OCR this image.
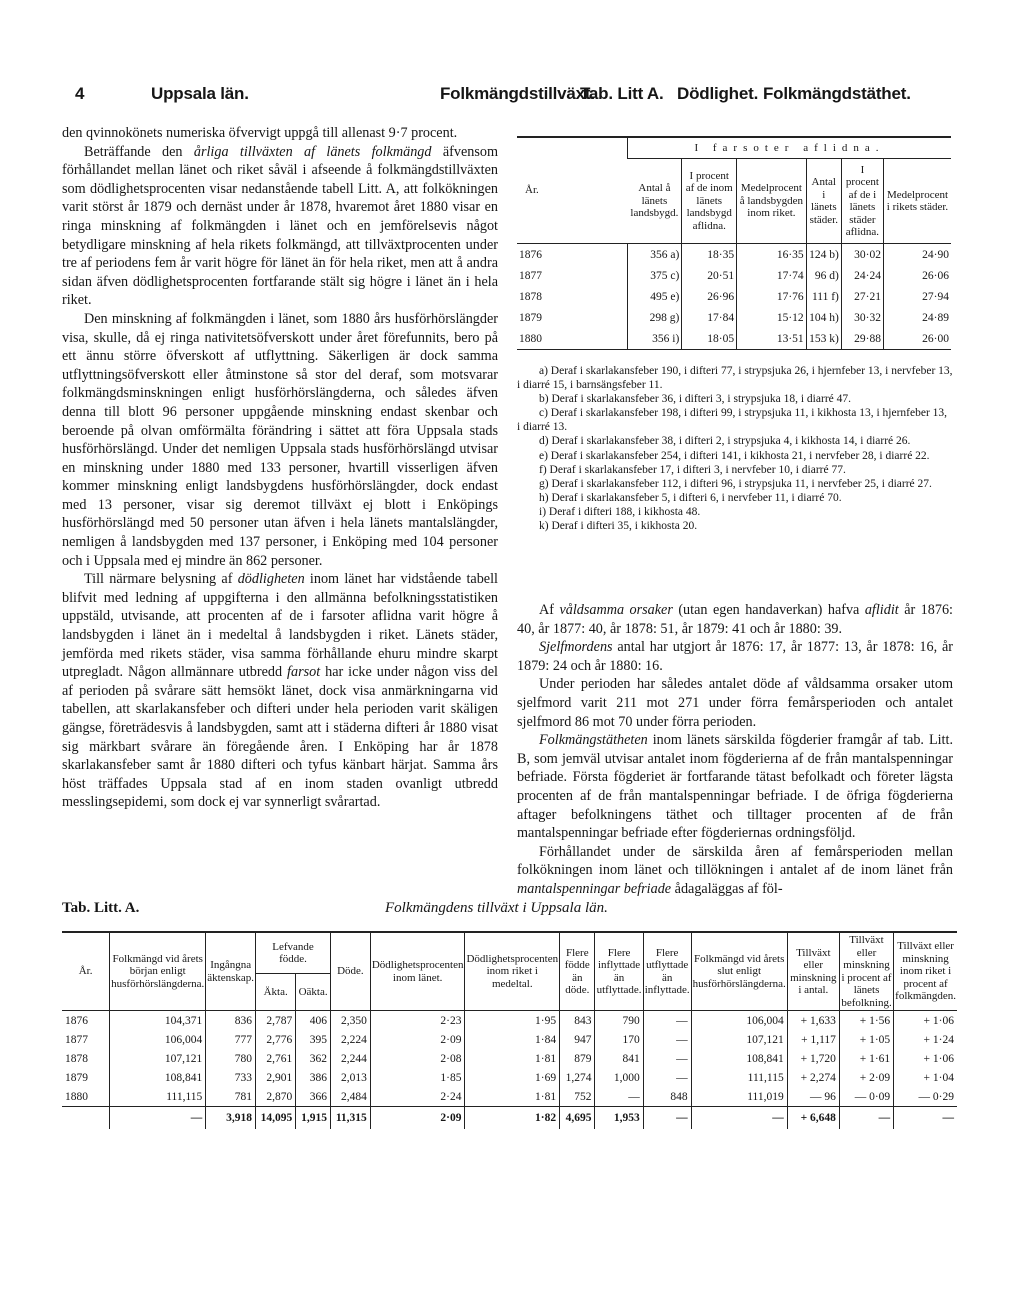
4	Uppsala län.	Folkmängdstillväxt.
Tab. Litt A. Dödlighet. Folkmängdstäthet.

den qvinnokönets numeriska öfvervigt uppgå till allenast 9·7 procent.

Beträffande den årliga tillväxten af länets folkmängd äfvensom förhållandet mellan länet och riket såväl i afseende å folkmängdstillväxten som dödlighetsprocenten visar nedanstående tabell Litt. A, att folkökningen varit störst år 1879 och dernäst under år 1878, hvaremot året 1880 visar en ringa minskning af folkmängden i länet och en jemförelsevis något betydligare minskning af hela rikets folkmängd, att tillväxtprocenten under tre af periodens fem år varit högre för länet än för hela riket, men att å andra sidan äfven dödlighetsprocenten fortfarande stält sig högre i länet än i hela riket.

Den minskning af folkmängden i länet, som 1880 års husförhörslängder visa, skulle, då ej ringa nativitetsöfverskott under året förefunnits, bero på ett ännu större öfverskott af utflyttning. Säkerligen är dock samma utflyttningsöfverskott eller åtminstone så stor del deraf, som motsvarar folkmängdsminskningen enligt husförhörslängderna, och således äfven denna till blott 96 personer uppgående minskning endast skenbar och beroende på olvan omförmälta förändring i sättet att föra Uppsala stads husförhörslängd. Under det nemligen Uppsala stads husförhörslängd utvisar en minskning under 1880 med 133 personer, hvartill visserligen äfven kommer minskning enligt landsbygdens husförhörslängder, dock endast med 13 personer, visar sig deremot tillväxt ej blott i Enköpings husförhörslängd med 50 personer utan äfven i hela länets mantalslängder, nemligen å landsbygden med 137 personer, i Enköping med 104 personer och i Uppsala med ej mindre än 862 personer.

Till närmare belysning af dödligheten inom länet har vidstående tabell blifvit med ledning af uppgifterna i den allmänna befolkningsstatistiken uppstäld, utvisande, att procenten af de i farsoter aflidna varit högre å landsbygden i länet än i medeltal å landsbygden i riket. Länets städer, jemförda med rikets städer, visa samma förhållande ehuru mindre skarpt utpregladt. Någon allmännare utbredd farsot har icke under någon viss del af perioden på svårare sätt hemsökt länet, dock visa anmärkningarna vid tabellen, att skarlakansfeber och difteri under hela perioden varit skäligen gängse, företrädesvis å landsbygden, samt att i städerna difteri år 1880 visat sig märkbart svårare än föregående åren. I Enköping har år 1878 skarlakansfeber samt år 1880 difteri och tyfus känbart härjat. Samma års höst träffades Uppsala stad af en inom staden ovanligt utbredd messlingsepidemi, som dock ej var synnerligt svårartad.

År.	I farsoter aflidna.					
	Antal å länets landsbygd.	I procent af de inom länets landsbygd aflidna.	Medelprocent å landsbygden inom riket.	Antal i länets städer.	I procent af de i länets städer aflidna.	Medelprocent i rikets städer.
1876	356 a)	18·35	16·35	124 b)	30·02	24·90
1877	375 c)	20·51	17·74	96 d)	24·24	26·06
1878	495 e)	26·96	17·76	111 f)	27·21	27·94
1879	298 g)	17·84	15·12	104 h)	30·32	24·89
1880	356 i)	18·05	13·51	153 k)	29·88	26·00

a) Deraf i skarlakansfeber 190, i difteri 77, i strypsjuka 26, i hjernfeber 13, i nervfeber 13, i diarré 15, i barnsängsfeber 11.

b) Deraf i skarlakansfeber 36, i difteri 3, i strypsjuka 18, i diarré 47.

c) Deraf i skarlakansfeber 198, i difteri 99, i strypsjuka 11, i kikhosta 13, i hjernfeber 13, i diarré 13.

d) Deraf i skarlakansfeber 38, i difteri 2, i strypsjuka 4, i kikhosta 14, i diarré 26.

e) Deraf i skarlakansfeber 254, i difteri 141, i kikhosta 21, i nervfeber 28, i diarré 22.

f) Deraf i skarlakansfeber 17, i difteri 3, i nervfeber 10, i diarré 77.

g) Deraf i skarlakansfeber 112, i difteri 96, i strypsjuka 11, i nervfeber 25, i diarré 27.

h) Deraf i skarlakansfeber 5, i difteri 6, i nervfeber 11, i diarré 70.

i) Deraf i difteri 188, i kikhosta 48.

k) Deraf i difteri 35, i kikhosta 20.

Af våldsamma orsaker (utan egen handaverkan) hafva aflidit år 1876: 40, år 1877: 40, år 1878: 51, år 1879: 41 och år 1880: 39.

Sjelfmordens antal har utgjort år 1876: 17, år 1877: 13, år 1878: 16, år 1879: 24 och år 1880: 16.

Under perioden har således antalet döde af våldsamma orsaker utom sjelfmord varit 211 mot 271 under förra femårsperioden och antalet sjelfmord 86 mot 70 under förra perioden.

Folkmängstätheten inom länets särskilda fögderier framgår af tab. Litt. B, som jemväl utvisar antalet inom fögderierna af de från mantalspenningar befriade. Första fögderiet är fortfarande tätast befolkadt och företer lägsta procenten af de från mantalspenningar befriade. I de öfriga fögderierna aftager befolkningens täthet och tilltager procenten af de från mantalspenningar befriade efter fögderiernas ordningsföljd.

Förhållandet under de särskilda åren af femårsperioden mellan folkökningen inom länet och tillökningen i antalet af de inom länet från mantalspenningar befriade ådagaläggas af föl-

Tab. Litt. A.	Folkmängdens tillväxt i Uppsala län.
År.	Folkmängd vid årets början enligt husförhörslängderna.	Ingångna äktenskap.	Lefvande födde.		Döde.	Dödlighetsprocenten inom länet.	Dödlighetsprocenten inom riket i medeltal.	Flere födde än döde.	Flere inflyttade än utflyttade.	Flere utflyttade än inflyttade.	Folkmängd vid årets slut enligt husförhörslängderna.	Tillväxt eller minskning i antal.	Tillväxt eller minskning i procent af länets befolkning.	Tillväxt eller minskning inom riket i procent af folkmängden.
			Äkta.	Oäkta.										
1876	104,371	836	2,787	406	2,350	2·23	1·95	843	790	—	106,004	+ 1,633	+ 1·56	+ 1·06
1877	106,004	777	2,776	395	2,224	2·09	1·84	947	170	—	107,121	+ 1,117	+ 1·05	+ 1·24
1878	107,121	780	2,761	362	2,244	2·08	1·81	879	841	—	108,841	+ 1,720	+ 1·61	+ 1·06
1879	108,841	733	2,901	386	2,013	1·85	1·69	1,274	1,000	—	111,115	+ 2,274	+ 2·09	+ 1·04
1880	111,115	781	2,870	366	2,484	2·24	1·81	752	—	848	111,019	— 96	— 0·09	— 0·29
	—	3,918	14,095	1,915	11,315	2·09	1·82	4,695	1,953	—	—	+ 6,648	—	—
